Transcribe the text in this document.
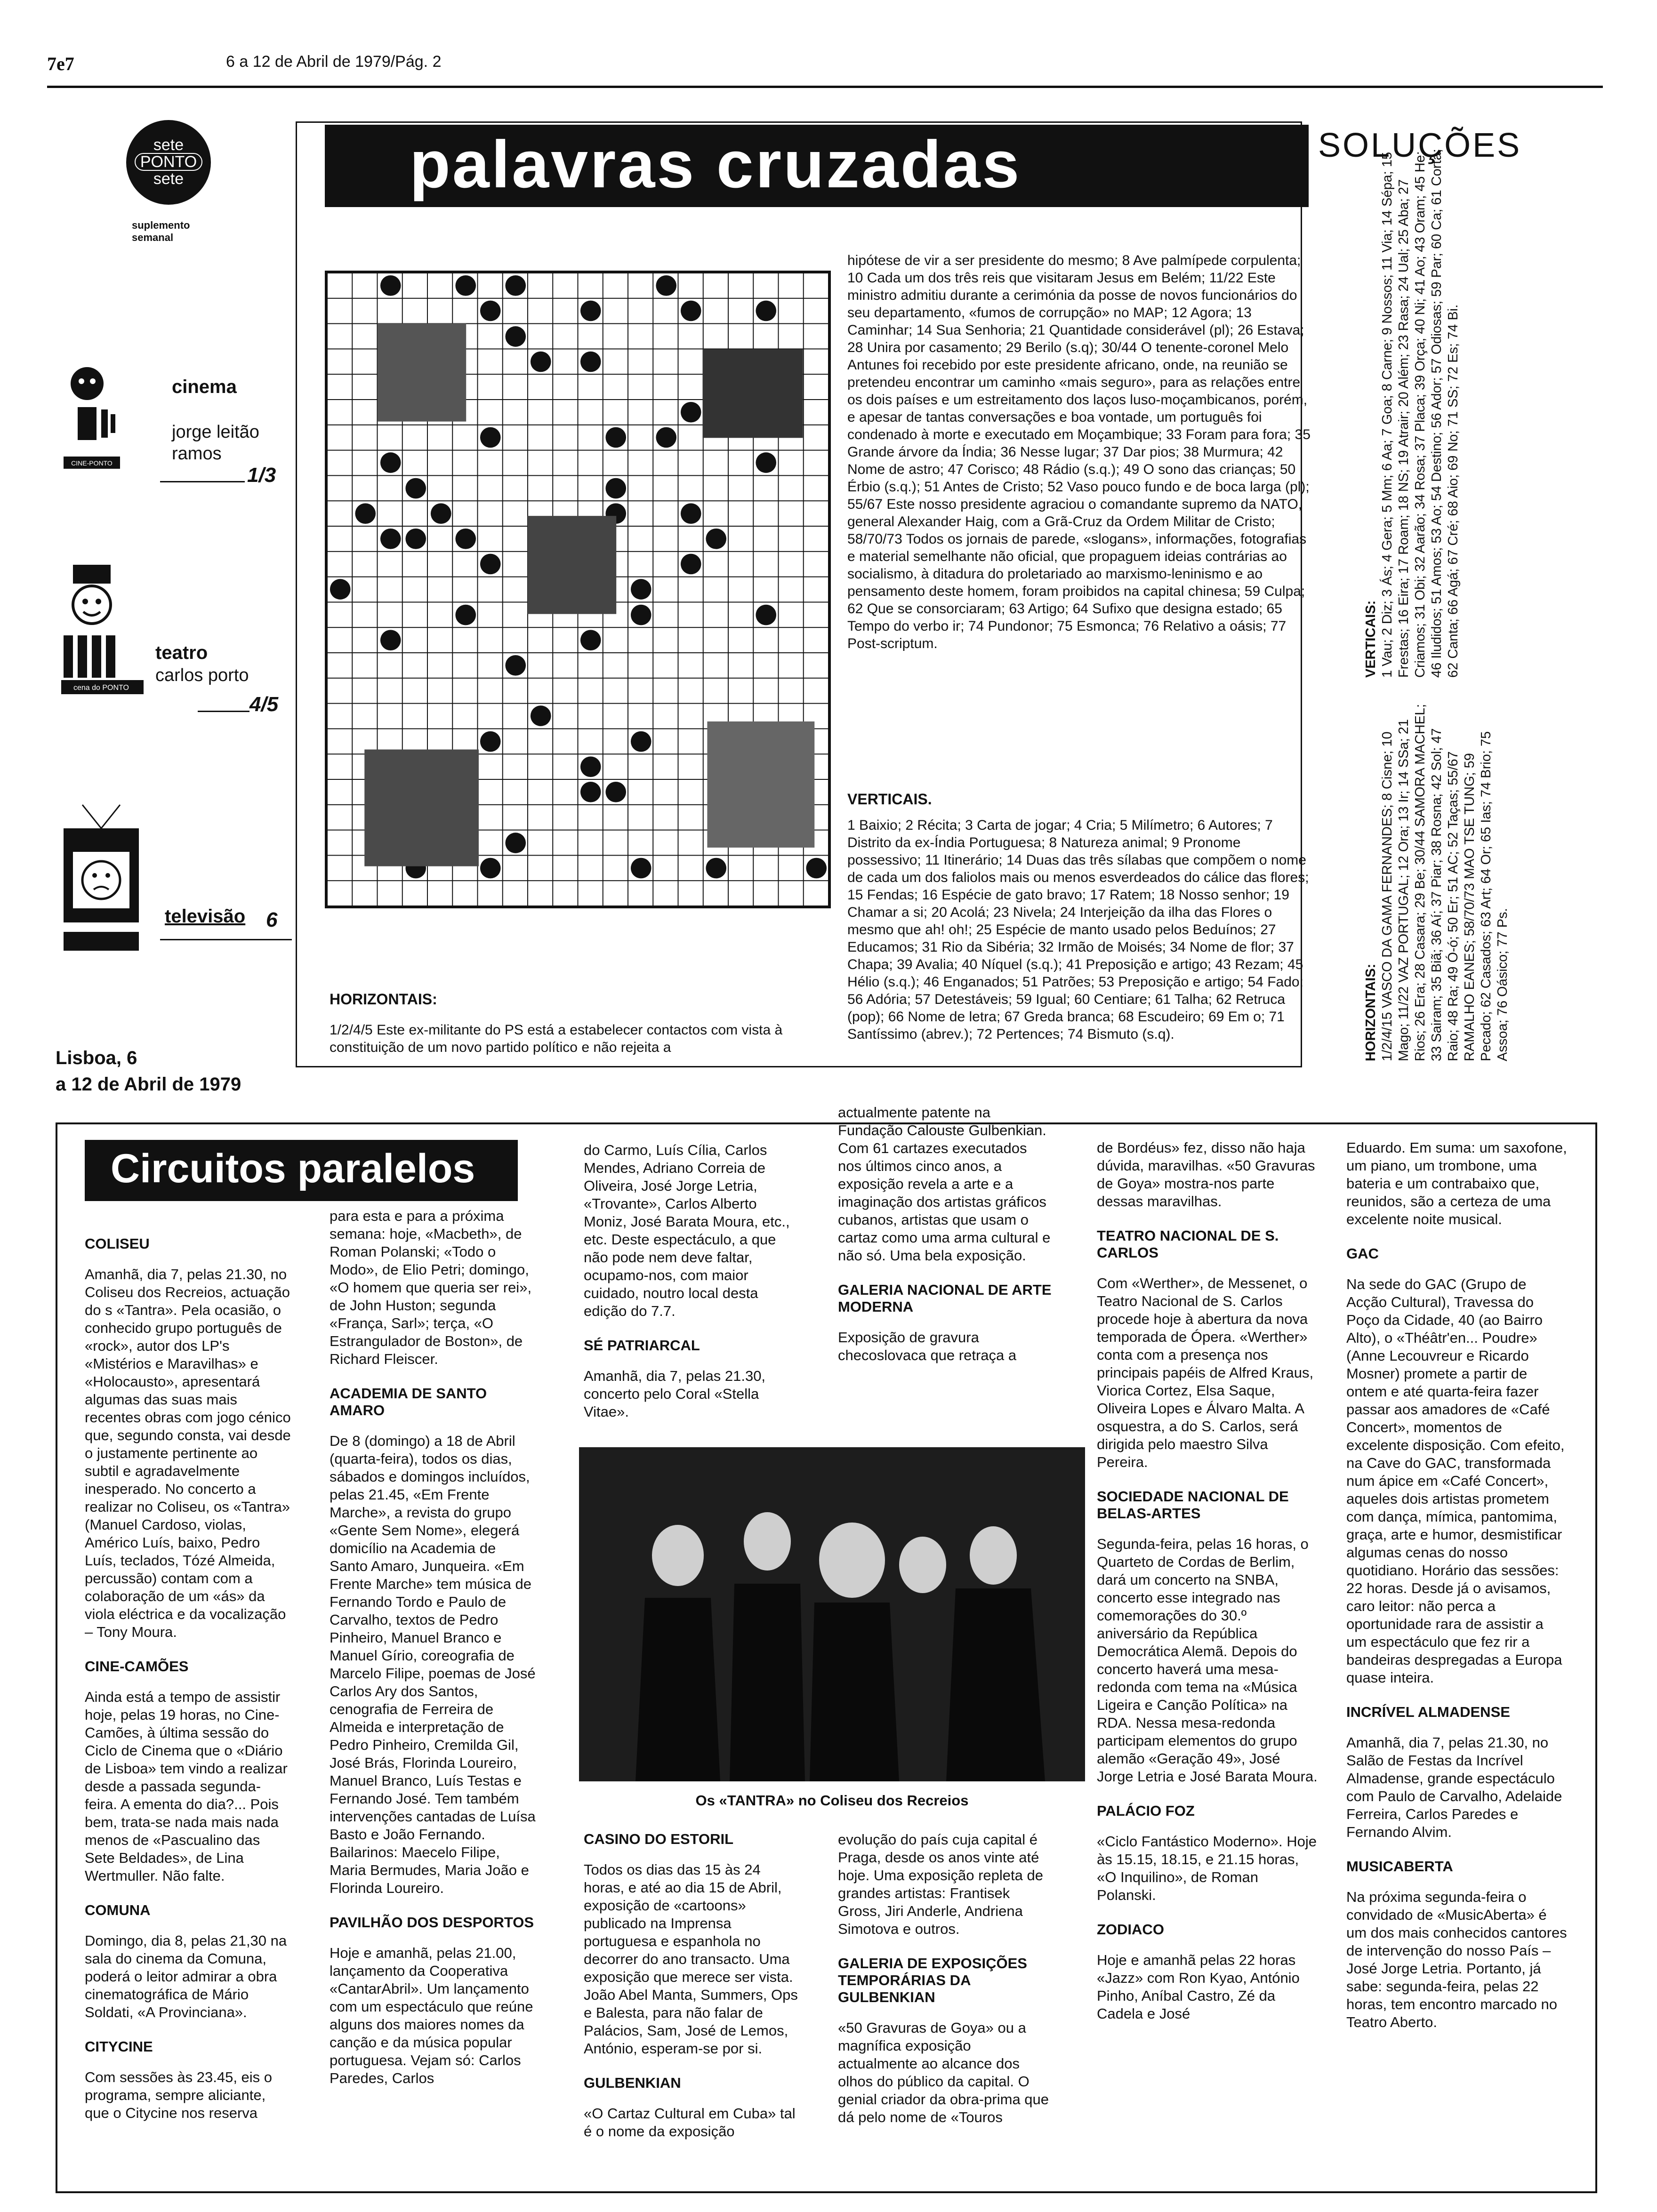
7e7	6 a 12 de Abril de 1979/Pág. 2
sete
PONTO
sete
suplemento semanal
CINE-PONTO
cinema
jorge leitão ramos
1/3
cena do PONTO
teatro
carlos porto
4/5
televisão 6
Lisboa, 6
a 12 de Abril de 1979
palavras cruzadas	SOLUÇÕES
hipótese de vir a ser presidente do mesmo; 8 Ave palmípede corpulenta; 10 Cada um dos três reis que visitaram Jesus em Belém; 11/22 Este ministro admitiu durante a cerimónia da posse de novos funcionários do seu departamento, «fumos de corrupção» no MAP; 12 Agora; 13 Caminhar; 14 Sua Senhoria; 21 Quantidade considerável (pl); 26 Estava; 28 Unira por casamento; 29 Berilo (s.q); 30/44 O tenente-coronel Melo Antunes foi recebido por este presidente africano, onde, na reunião se pretendeu encontrar um caminho «mais seguro», para as relações entre os dois países e um estreitamento dos laços luso-moçambicanos, porém, e apesar de tantas conversações e boa vontade, um português foi condenado à morte e executado em Moçambique; 33 Foram para fora; 35 Grande árvore da Índia; 36 Nesse lugar; 37 Dar pios; 38 Murmura; 42 Nome de astro; 47 Corisco; 48 Rádio (s.q.); 49 O sono das crianças; 50 Érbio (s.q.); 51 Antes de Cristo; 52 Vaso pouco fundo e de boca larga (pl); 55/67 Este nosso presidente agraciou o comandante supremo da NATO, general Alexander Haig, com a Grã-Cruz da Ordem Militar de Cristo; 58/70/73 Todos os jornais de parede, «slogans», informações, fotografias e material semelhante não oficial, que propaguem ideias contrárias ao socialismo, à ditadura do proletariado ao marxismo-leninismo e ao pensamento deste homem, foram proibidos na capital chinesa; 59 Culpa; 62 Que se consorciaram; 63 Artigo; 64 Sufixo que designa estado; 65 Tempo do verbo ir; 74 Pundonor; 75 Esmonca; 76 Relativo a oásis; 77 Post-scriptum.
VERTICAIS.
1 Baixio; 2 Récita; 3 Carta de jogar; 4 Cria; 5 Milímetro; 6 Autores; 7 Distrito da ex-Índia Portuguesa; 8 Natureza animal; 9 Pronome possessivo; 11 Itinerário; 14 Duas das três sílabas que compõem o nome de cada um dos faliolos mais ou menos esverdeados do cálice das flores; 15 Fendas; 16 Espécie de gato bravo; 17 Ratem; 18 Nosso senhor; 19 Chamar a si; 20 Acolá; 23 Nivela; 24 Interjeição da ilha das Flores o mesmo que ah! oh!; 25 Espécie de manto usado pelos Beduínos; 27 Educamos; 31 Rio da Sibéria; 32 Irmão de Moisés; 34 Nome de flor; 37 Chapa; 39 Avalia; 40 Níquel (s.q.); 41 Preposição e artigo; 43 Rezam; 45 Hélio (s.q.); 46 Enganados; 51 Patrões; 53 Preposição e artigo; 54 Fado; 56 Adória; 57 Detestáveis; 59 Igual; 60 Centiare; 61 Talha; 62 Retruca (pop); 66 Nome de letra; 67 Greda branca; 68 Escudeiro; 69 Em o; 71 Santíssimo (abrev.); 72 Pertences; 74 Bismuto (s.q).
HORIZONTAIS:
1/2/4/5 Este ex-militante do PS está a estabelecer contactos com vista à constituição de um novo partido político e não rejeita a
VERTICAIS: 1 Vau; 2 Diz; 3 Ás; 4 Gera; 5 Mm; 6 Aa; 7 Goa; 8 Carne; 9 Nossos; 11 Via; 14 Sépa; 15 Frestas; 16 Eira; 17 Roam; 18 NS; 19 Atrair; 20 Além; 23 Rasa; 24 Ual; 25 Aba; 27 Criamos; 31 Obi; 32 Aarão; 34 Rosa; 37 Placa; 39 Orça; 40 Ni; 41 Ao; 43 Oram; 45 He; 46 Iludidos; 51 Amos; 53 Ao; 54 Destino; 56 Ador; 57 Odiosas; 59 Par; 60 Ca; 61 Corta; 62 Canta; 66 Agá; 67 Cré; 68 Aio; 69 No; 71 SS; 72 Es; 74 Bi.
HORIZONTAIS: 1/2/4/15 VASCO DA GAMA FERNANDES; 8 Cisne; 10 Mago; 11/22 VAZ PORTUGAL; 12 Ora; 13 Ir; 14 SSa; 21 Rios; 26 Era; 28 Casara; 29 Be; 30/44 SAMORA MACHEL; 33 Sairam; 35 Biã; 36 Aí; 37 Piar; 38 Rosna; 42 Sol; 47 Raio; 48 Ra; 49 Ó-ó; 50 Er; 51 AC; 52 Taças; 55/67 RAMALHO EANES; 58/70/73 MAO TSE TUNG; 59 Pecado; 62 Casados; 63 Art; 64 Or; 65 Ias; 74 Brio; 75 Assoa; 76 Oásico; 77 Ps.
Circuitos paralelos
COLISEU

Amanhã, dia 7, pelas 21.30, no Coliseu dos Recreios, actuação do s «Tantra». Pela ocasião, o conhecido grupo português de «rock», autor dos LP's «Mistérios e Maravilhas» e «Holocausto», apresentará algumas das suas mais recentes obras com jogo cénico que, segundo consta, vai desde o justamente pertinente ao subtil e agradavelmente inesperado. No concerto a realizar no Coliseu, os «Tantra» (Manuel Cardoso, violas, Américo Luís, baixo, Pedro Luís, teclados, Tózé Almeida, percussão) contam com a colaboração de um «ás» da viola eléctrica e da vocalização – Tony Moura.

CINE-CAMÕES

Ainda está a tempo de assistir hoje, pelas 19 horas, no Cine-Camões, à última sessão do Ciclo de Cinema que o «Diário de Lisboa» tem vindo a realizar desde a passada segunda-feira. A ementa do dia?... Pois bem, trata-se nada mais nada menos de «Pascualino das Sete Beldades», de Lina Wertmuller. Não falte.

COMUNA

Domingo, dia 8, pelas 21,30 na sala do cinema da Comuna, poderá o leitor admirar a obra cinematográfica de Mário Soldati, «A Provinciana».

CITYCINE

Com sessões às 23.45, eis o programa, sempre aliciante, que o Citycine nos reserva

para esta e para a próxima semana: hoje, «Macbeth», de Roman Polanski; «Todo o Modo», de Elio Petri; domingo, «O homem que queria ser rei», de John Huston; segunda «França, Sarl»; terça, «O Estrangulador de Boston», de Richard Fleiscer.

ACADEMIA DE SANTO AMARO

De 8 (domingo) a 18 de Abril (quarta-feira), todos os dias, sábados e domingos incluídos, pelas 21.45, «Em Frente Marche», a revista do grupo «Gente Sem Nome», elegerá domicílio na Academia de Santo Amaro, Junqueira. «Em Frente Marche» tem música de Fernando Tordo e Paulo de Carvalho, textos de Pedro Pinheiro, Manuel Branco e Manuel Gírio, coreografia de Marcelo Filipe, poemas de José Carlos Ary dos Santos, cenografia de Ferreira de Almeida e interpretação de Pedro Pinheiro, Cremilda Gil, José Brás, Florinda Loureiro, Manuel Branco, Luís Testas e Fernando José. Tem também intervenções cantadas de Luísa Basto e João Fernando. Bailarinos: Maecelo Filipe, Maria Bermudes, Maria João e Florinda Loureiro.

PAVILHÃO DOS DESPORTOS

Hoje e amanhã, pelas 21.00, lançamento da Cooperativa «CantarAbril». Um lançamento com um espectáculo que reúne alguns dos maiores nomes da canção e da música popular portuguesa. Vejam só: Carlos Paredes, Carlos

do Carmo, Luís Cília, Carlos Mendes, Adriano Correia de Oliveira, José Jorge Letria, «Trovante», Carlos Alberto Moniz, José Barata Moura, etc., etc. Deste espectáculo, a que não pode nem deve faltar, ocupamo-nos, com maior cuidado, noutro local desta edição do 7.7.

SÉ PATRIARCAL

Amanhã, dia 7, pelas 21.30, concerto pelo Coral «Stella Vitae».

actualmente patente na Fundação Calouste Gulbenkian. Com 61 cartazes executados nos últimos cinco anos, a exposição revela a arte e a imaginação dos artistas gráficos cubanos, artistas que usam o cartaz como uma arma cultural e não só. Uma bela exposição.

GALERIA NACIONAL DE ARTE MODERNA

Exposição de gravura checoslovaca que retraça a

Os «TANTRA» no Coliseu dos Recreios
CASINO DO ESTORIL

Todos os dias das 15 às 24 horas, e até ao dia 15 de Abril, exposição de «cartoons» publicado na Imprensa portuguesa e espanhola no decorrer do ano transacto. Uma exposição que merece ser vista. João Abel Manta, Summers, Ops e Balesta, para não falar de Palácios, Sam, José de Lemos, António, esperam-se por si.

GULBENKIAN

«O Cartaz Cultural em Cuba» tal é o nome da exposição

evolução do país cuja capital é Praga, desde os anos vinte até hoje. Uma exposição repleta de grandes artistas: Frantisek Gross, Jiri Anderle, Andriena Simotova e outros.

GALERIA DE EXPOSIÇÕES TEMPORÁRIAS DA GULBENKIAN

«50 Gravuras de Goya» ou a magnífica exposição actualmente ao alcance dos olhos do público da capital. O genial criador da obra-prima que dá pelo nome de «Touros

de Bordéus» fez, disso não haja dúvida, maravilhas. «50 Gravuras de Goya» mostra-nos parte dessas maravilhas.

TEATRO NACIONAL DE S. CARLOS

Com «Werther», de Messenet, o Teatro Nacional de S. Carlos procede hoje à abertura da nova temporada de Ópera. «Werther» conta com a presença nos principais papéis de Alfred Kraus, Viorica Cortez, Elsa Saque, Oliveira Lopes e Álvaro Malta. A osquestra, a do S. Carlos, será dirigida pelo maestro Silva Pereira.

SOCIEDADE NACIONAL DE BELAS-ARTES

Segunda-feira, pelas 16 horas, o Quarteto de Cordas de Berlim, dará um concerto na SNBA, concerto esse integrado nas comemorações do 30.º aniversário da República Democrática Alemã. Depois do concerto haverá uma mesa-redonda com tema na «Música Ligeira e Canção Política» na RDA. Nessa mesa-redonda participam elementos do grupo alemão «Geração 49», José Jorge Letria e José Barata Moura.

PALÁCIO FOZ

«Ciclo Fantástico Moderno». Hoje às 15.15, 18.15, e 21.15 horas, «O Inquilino», de Roman Polanski.

ZODIACO

Hoje e amanhã pelas 22 horas «Jazz» com Ron Kyao, António Pinho, Aníbal Castro, Zé da Cadela e José

Eduardo. Em suma: um saxofone, um piano, um trombone, uma bateria e um contrabaixo que, reunidos, são a certeza de uma excelente noite musical.

GAC

Na sede do GAC (Grupo de Acção Cultural), Travessa do Poço da Cidade, 40 (ao Bairro Alto), o «Théâtr'en... Poudre» (Anne Lecouvreur e Ricardo Mosner) promete a partir de ontem e até quarta-feira fazer passar aos amadores de «Café Concert», momentos de excelente disposição. Com efeito, na Cave do GAC, transformada num ápice em «Café Concert», aqueles dois artistas prometem com dança, mímica, pantomima, graça, arte e humor, desmistificar algumas cenas do nosso quotidiano. Horário das sessões: 22 horas. Desde já o avisamos, caro leitor: não perca a oportunidade rara de assistir a um espectáculo que fez rir a bandeiras despregadas a Europa quase inteira.

INCRÍVEL ALMADENSE

Amanhã, dia 7, pelas 21.30, no Salão de Festas da Incrível Almadense, grande espectáculo com Paulo de Carvalho, Adelaide Ferreira, Carlos Paredes e Fernando Alvim.

MUSICABERTA

Na próxima segunda-feira o convidado de «MusicAberta» é um dos mais conhecidos cantores de intervenção do nosso País – José Jorge Letria. Portanto, já sabe: segunda-feira, pelas 22 horas, tem encontro marcado no Teatro Aberto.
